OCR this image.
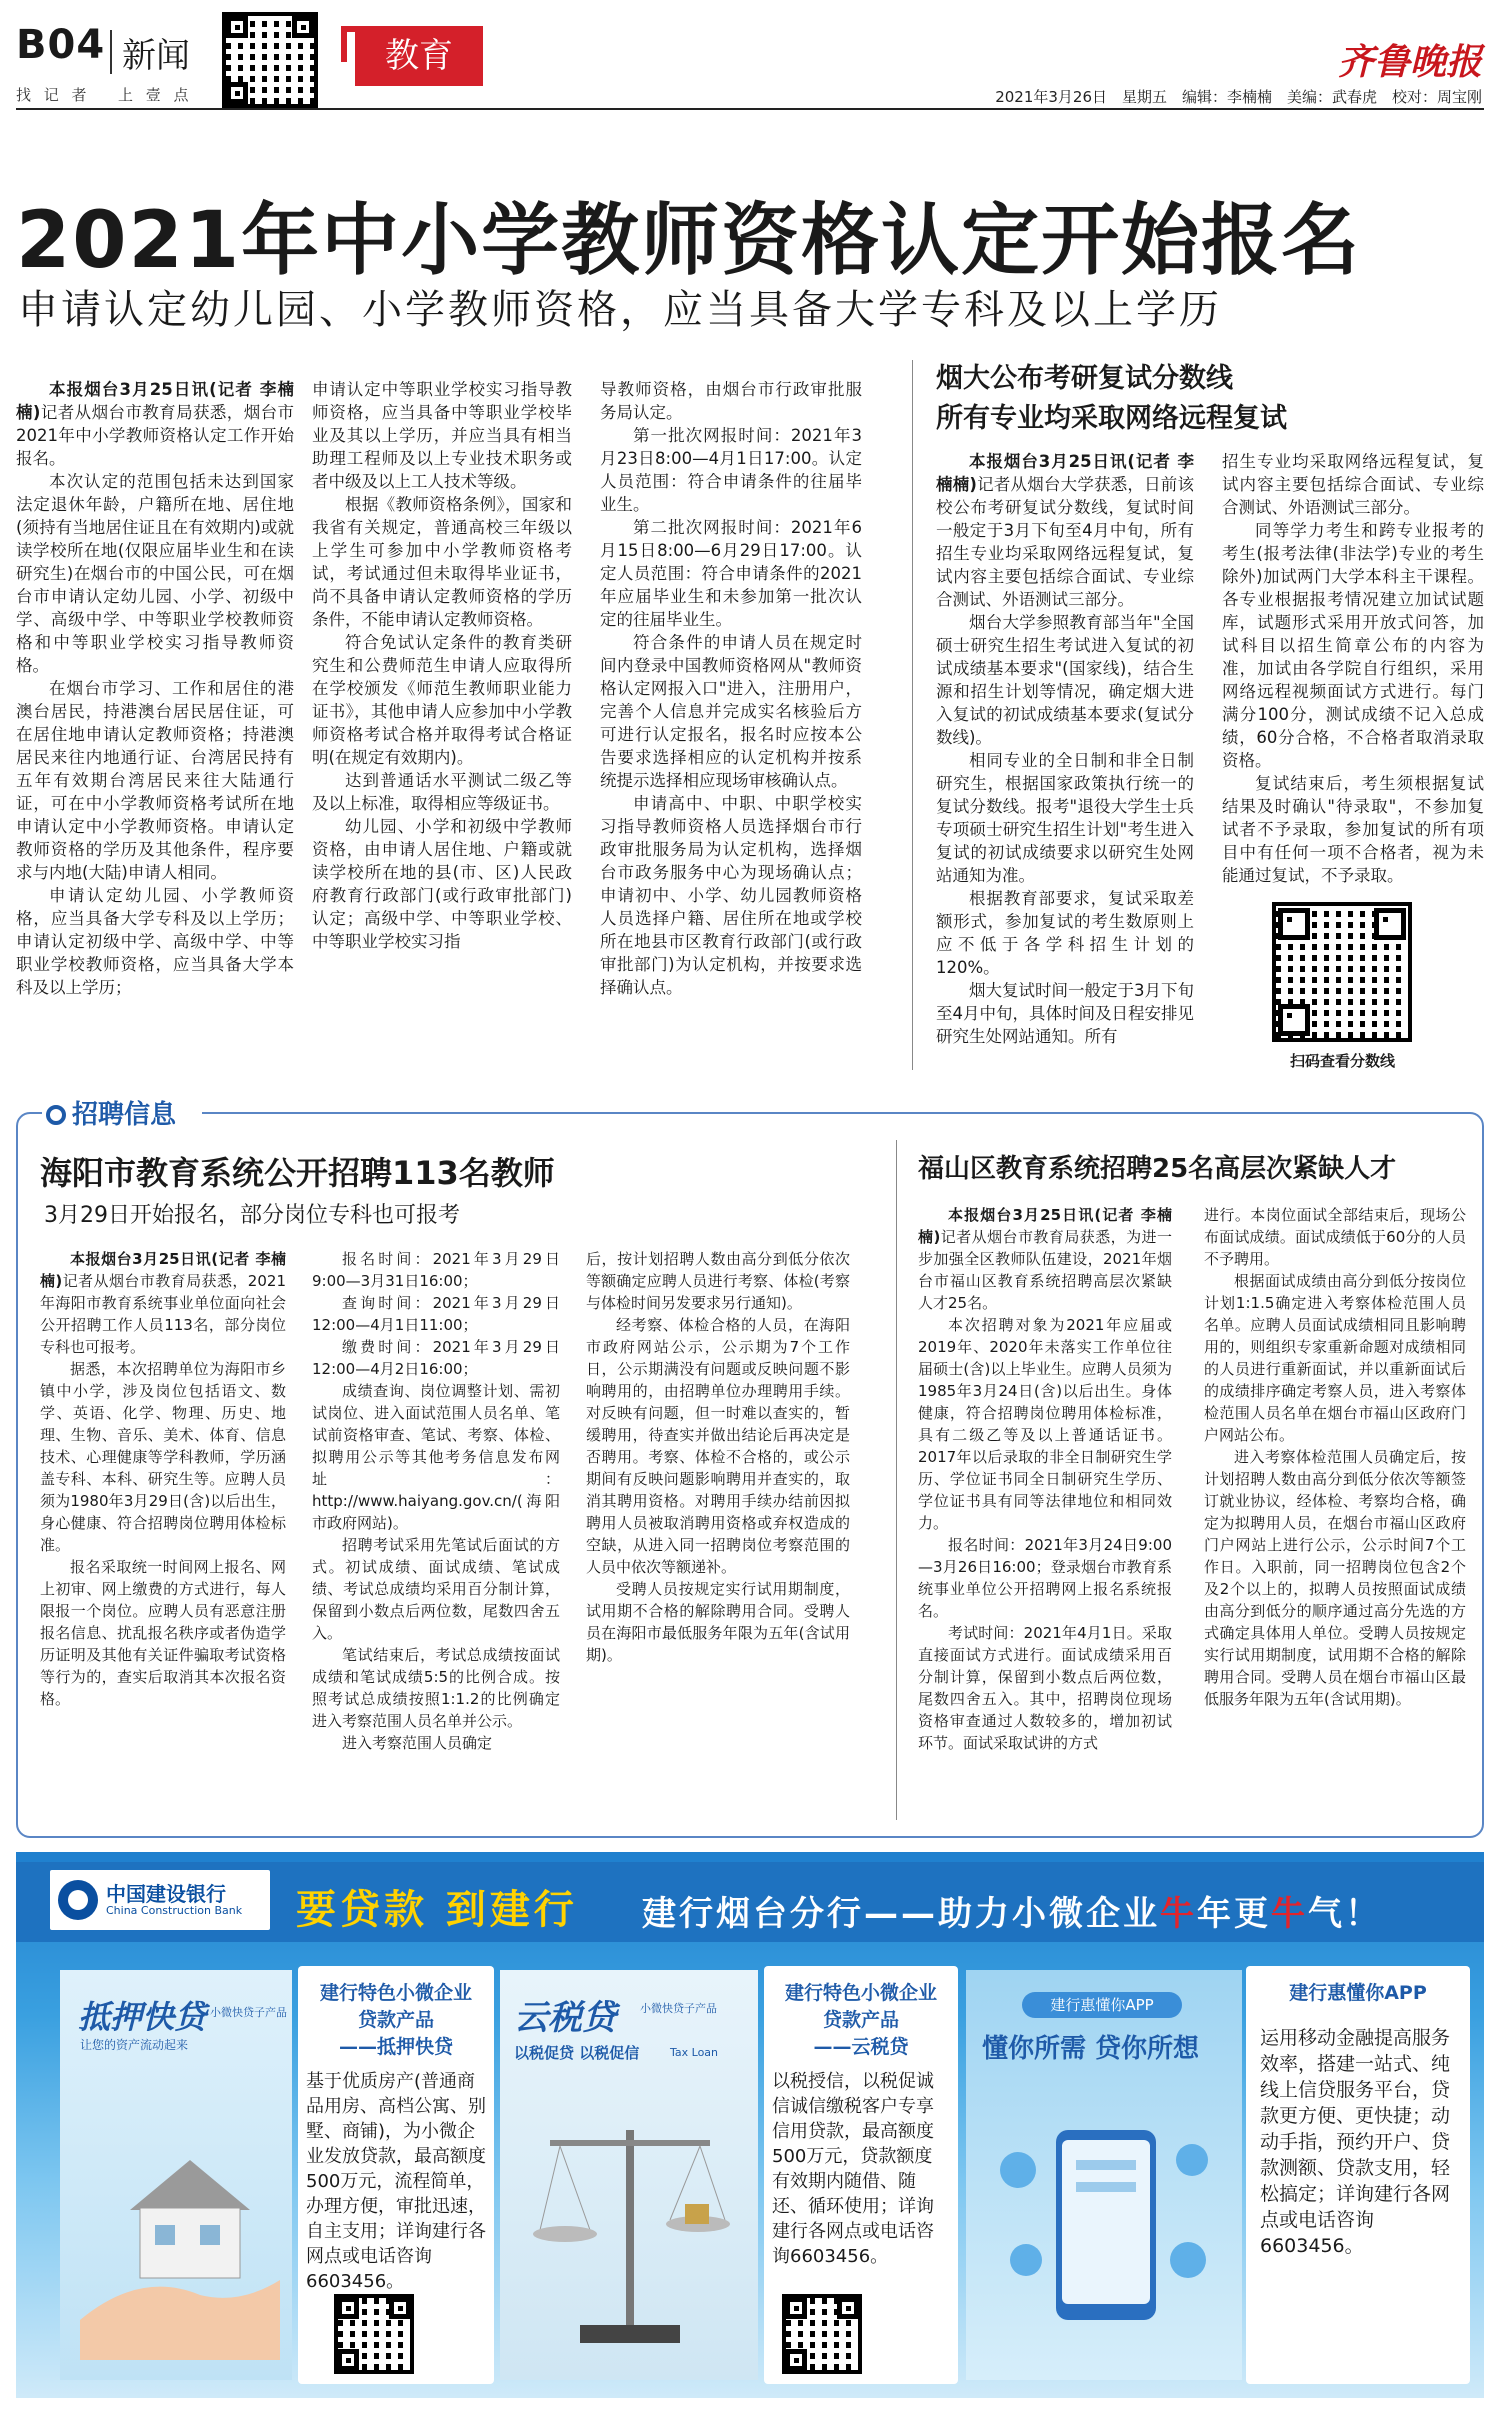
B04 新闻
找 记 者 上 壹 点
教育	齐鲁晚报
2021年3月26日　星期五　编辑：李楠楠　美编：武春虎　校对：周宝刚
2021年中小学教师资格认定开始报名
申请认定幼儿园、小学教师资格，应当具备大学专科及以上学历

本报烟台3月25日讯(记者 李楠楠)记者从烟台市教育局获悉，烟台市2021年中小学教师资格认定工作开始报名。

本次认定的范围包括未达到国家法定退休年龄，户籍所在地、居住地(须持有当地居住证且在有效期内)或就读学校所在地(仅限应届毕业生和在读研究生)在烟台市的中国公民，可在烟台市申请认定幼儿园、小学、初级中学、高级中学、中等职业学校教师资格和中等职业学校实习指导教师资格。

在烟台市学习、工作和居住的港澳台居民，持港澳台居民居住证，可在居住地申请认定教师资格；持港澳居民来往内地通行证、台湾居民持有五年有效期台湾居民来往大陆通行证，可在中小学教师资格考试所在地申请认定中小学教师资格。申请认定教师资格的学历及其他条件，程序要求与内地(大陆)申请人相同。

申请认定幼儿园、小学教师资格，应当具备大学专科及以上学历；申请认定初级中学、高级中学、中等职业学校教师资格，应当具备大学本科及以上学历；

申请认定中等职业学校实习指导教师资格，应当具备中等职业学校毕业及其以上学历，并应当具有相当助理工程师及以上专业技术职务或者中级及以上工人技术等级。

根据《教师资格条例》，国家和我省有关规定，普通高校三年级以上学生可参加中小学教师资格考试，考试通过但未取得毕业证书，尚不具备申请认定教师资格的学历条件，不能申请认定教师资格。

符合免试认定条件的教育类研究生和公费师范生申请人应取得所在学校颁发《师范生教师职业能力证书》，其他申请人应参加中小学教师资格考试合格并取得考试合格证明(在规定有效期内)。

达到普通话水平测试二级乙等及以上标准，取得相应等级证书。

幼儿园、小学和初级中学教师资格，由申请人居住地、户籍或就读学校所在地的县(市、区)人民政府教育行政部门(或行政审批部门)认定；高级中学、中等职业学校、中等职业学校实习指

导教师资格，由烟台市行政审批服务局认定。

第一批次网报时间：2021年3月23日8:00—4月1日17:00。认定人员范围：符合申请条件的往届毕业生。

第二批次网报时间：2021年6月15日8:00—6月29日17:00。认定人员范围：符合申请条件的2021年应届毕业生和未参加第一批次认定的往届毕业生。

符合条件的申请人员在规定时间内登录中国教师资格网从"教师资格认定网报入口"进入，注册用户，完善个人信息并完成实名核验后方可进行认定报名，报名时应按本公告要求选择相应的认定机构并按系统提示选择相应现场审核确认点。

申请高中、中职、中职学校实习指导教师资格人员选择烟台市行政审批服务局为认定机构，选择烟台市政务服务中心为现场确认点；申请初中、小学、幼儿园教师资格人员选择户籍、居住所在地或学校所在地县市区教育行政部门(或行政审批部门)为认定机构，并按要求选择确认点。

烟大公布考研复试分数线
所有专业均采取网络远程复试

本报烟台3月25日讯(记者 李楠楠)记者从烟台大学获悉，日前该校公布考研复试分数线，复试时间一般定于3月下旬至4月中旬，所有招生专业均采取网络远程复试，复试内容主要包括综合面试、专业综合测试、外语测试三部分。

烟台大学参照教育部当年"全国硕士研究生招生考试进入复试的初试成绩基本要求"(国家线)，结合生源和招生计划等情况，确定烟大进入复试的初试成绩基本要求(复试分数线)。

相同专业的全日制和非全日制研究生，根据国家政策执行统一的复试分数线。报考"退役大学生士兵专项硕士研究生招生计划"考生进入复试的初试成绩要求以研究生处网站通知为准。

根据教育部要求，复试采取差额形式，参加复试的考生数原则上应不低于各学科招生计划的120%。

烟大复试时间一般定于3月下旬至4月中旬，具体时间及日程安排见研究生处网站通知。所有

招生专业均采取网络远程复试，复试内容主要包括综合面试、专业综合测试、外语测试三部分。

同等学力考生和跨专业报考的考生(报考法律(非法学)专业的考生除外)加试两门大学本科主干课程。各专业根据报考情况建立加试试题库，试题形式采用开放式问答，加试科目以招生简章公布的内容为准，加试由各学院自行组织，采用网络远程视频面试方式进行。每门满分100分，测试成绩不记入总成绩，60分合格，不合格者取消录取资格。

复试结束后，考生须根据复试结果及时确认"待录取"，不参加复试者不予录取，参加复试的所有项目中有任何一项不合格者，视为未能通过复试，不予录取。

扫码查看分数线
招聘信息
海阳市教育系统公开招聘113名教师
3月29日开始报名，部分岗位专科也可报考

本报烟台3月25日讯(记者 李楠楠)记者从烟台市教育局获悉，2021年海阳市教育系统事业单位面向社会公开招聘工作人员113名，部分岗位专科也可报考。

据悉，本次招聘单位为海阳市乡镇中小学，涉及岗位包括语文、数学、英语、化学、物理、历史、地理、生物、音乐、美术、体育、信息技术、心理健康等学科教师，学历涵盖专科、本科、研究生等。应聘人员须为1980年3月29日(含)以后出生，身心健康、符合招聘岗位聘用体检标准。

报名采取统一时间网上报名、网上初审、网上缴费的方式进行，每人限报一个岗位。应聘人员有恶意注册报名信息、扰乱报名秩序或者伪造学历证明及其他有关证件骗取考试资格等行为的，查实后取消其本次报名资格。

报名时间：2021年3月29日9:00—3月31日16:00；

查询时间：2021年3月29日12:00—4月1日11:00；

缴费时间：2021年3月29日12:00—4月2日16:00；

成绩查询、岗位调整计划、需初试岗位、进入面试范围人员名单、笔试前资格审查、笔试、考察、体检、拟聘用公示等其他考务信息发布网址：http://www.haiyang.gov.cn/(海阳市政府网站)。

招聘考试采用先笔试后面试的方式。初试成绩、面试成绩、笔试成绩、考试总成绩均采用百分制计算，保留到小数点后两位数，尾数四舍五入。

笔试结束后，考试总成绩按面试成绩和笔试成绩5:5的比例合成。按照考试总成绩按照1:1.2的比例确定进入考察范围人员名单并公示。

进入考察范围人员确定

后，按计划招聘人数由高分到低分依次等额确定应聘人员进行考察、体检(考察与体检时间另发要求另行通知)。

经考察、体检合格的人员，在海阳市政府网站公示，公示期为7个工作日，公示期满没有问题或反映问题不影响聘用的，由招聘单位办理聘用手续。对反映有问题，但一时难以查实的，暂缓聘用，待查实并做出结论后再决定是否聘用。考察、体检不合格的，或公示期间有反映问题影响聘用并查实的，取消其聘用资格。对聘用手续办结前因拟聘用人员被取消聘用资格或弃权造成的空缺，从进入同一招聘岗位考察范围的人员中依次等额递补。

受聘人员按规定实行试用期制度，试用期不合格的解除聘用合同。受聘人员在海阳市最低服务年限为五年(含试用期)。

福山区教育系统招聘25名高层次紧缺人才

本报烟台3月25日讯(记者 李楠楠)记者从烟台市教育局获悉，为进一步加强全区教师队伍建设，2021年烟台市福山区教育系统招聘高层次紧缺人才25名。

本次招聘对象为2021年应届或2019年、2020年未落实工作单位往届硕士(含)以上毕业生。应聘人员须为1985年3月24日(含)以后出生。身体健康，符合招聘岗位聘用体检标准，具有二级乙等及以上普通话证书。2017年以后录取的非全日制研究生学历、学位证书同全日制研究生学历、学位证书具有同等法律地位和相同效力。

报名时间：2021年3月24日9:00—3月26日16:00；登录烟台市教育系统事业单位公开招聘网上报名系统报名。

考试时间：2021年4月1日。采取直接面试方式进行。面试成绩采用百分制计算，保留到小数点后两位数，尾数四舍五入。其中，招聘岗位现场资格审查通过人数较多的，增加初试环节。面试采取试讲的方式

进行。本岗位面试全部结束后，现场公布面试成绩。面试成绩低于60分的人员不予聘用。

根据面试成绩由高分到低分按岗位计划1:1.5确定进入考察体检范围人员名单。应聘人员面试成绩相同且影响聘用的，则组织专家重新命题对成绩相同的人员进行重新面试，并以重新面试后的成绩排序确定考察人员，进入考察体检范围人员名单在烟台市福山区政府门户网站公布。

进入考察体检范围人员确定后，按计划招聘人数由高分到低分依次等额签订就业协议，经体检、考察均合格，确定为拟聘用人员，在烟台市福山区政府门户网站上进行公示，公示时间7个工作日。入职前，同一招聘岗位包含2个及2个以上的，拟聘人员按照面试成绩由高分到低分的顺序通过高分先选的方式确定具体用人单位。受聘人员按规定实行试用期制度，试用期不合格的解除聘用合同。受聘人员在烟台市福山区最低服务年限为五年(含试用期)。

中国建设银行
China Construction Bank 要贷款 到建行 建行烟台分行——助力小微企业牛年更牛气！
抵押快贷 小微快贷子产品
让您的资产流动起来
建行特色小微企业
贷款产品
——抵押快贷
基于优质房产(普通商品用房、高档公寓、别墅、商铺)，为小微企业发放贷款，最高额度500万元，流程简单，办理方便，审批迅速，自主支用；详询建行各网点或电话咨询6603456。
云税贷 小微快贷子产品
以税促贷 以税促信	Tax Loan
建行特色小微企业
贷款产品
——云税贷
以税授信，以税促诚信诚信缴税客户专享信用贷款，最高额度500万元，贷款额度有效期内随借、随还、循环使用；详询建行各网点或电话咨询6603456。
建行惠懂你APP
懂你所需 贷你所想
建行惠懂你APP
运用移动金融提高服务效率，搭建一站式、纯线上信贷服务平台，贷款更方便、更快捷；动动手指，预约开户、贷款测额、贷款支用，轻松搞定；详询建行各网点或电话咨询6603456。
